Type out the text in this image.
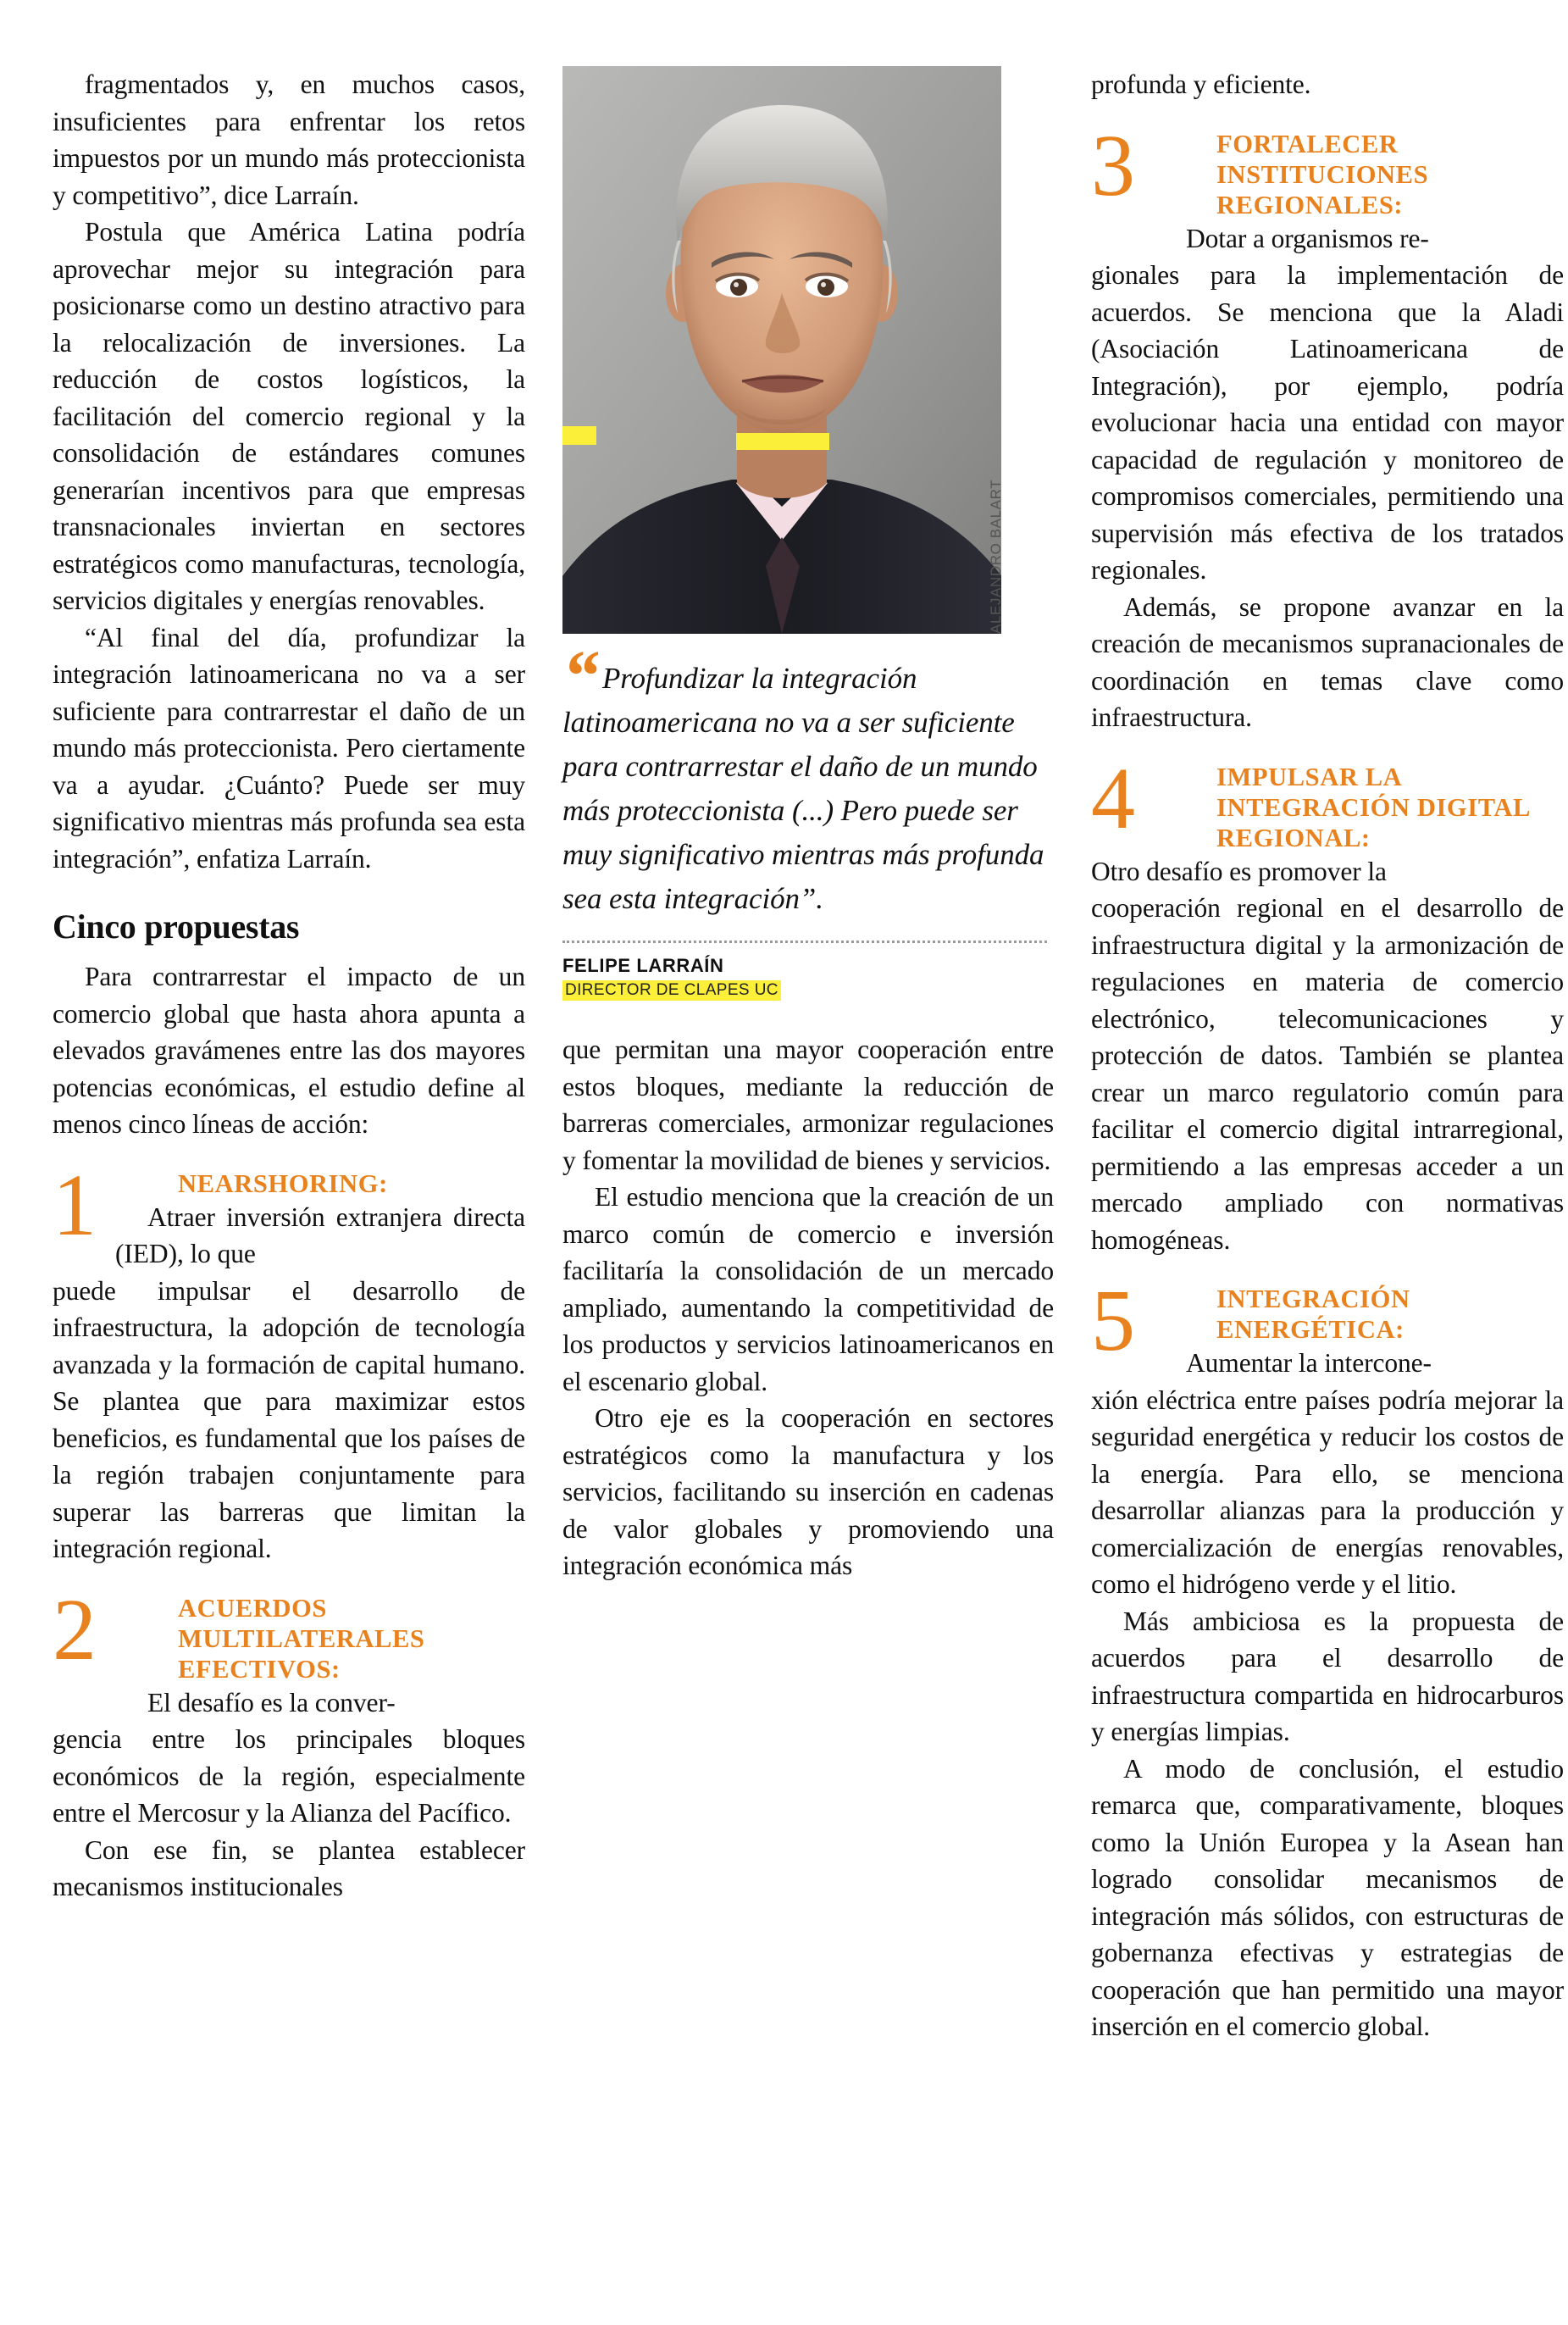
fragmentados y, en muchos casos, insuficientes para enfrentar los retos impuestos por un mundo más proteccionista y competitivo”, dice Larraín.

Postula que América Latina podría aprovechar mejor su integración para posicionarse como un destino atractivo para la relocalización de inversiones. La reducción de costos logísticos, la facilitación del comercio regional y la consolidación de estándares comunes generarían incentivos para que empresas transnacionales inviertan en sectores estratégicos como manufacturas, tecnología, servicios digitales y energías renovables.

“Al final del día, profundizar la integración latinoamericana no va a ser suficiente para contrarrestar el daño de un mundo más proteccionista. Pero ciertamente va a ayudar. ¿Cuánto? Puede ser muy significativo mientras más profunda sea esta integración”, enfatiza Larraín.

Cinco propuestas

Para contrarrestar el impacto de un comercio global que hasta ahora apunta a elevados gravámenes entre las dos mayores potencias económicas, el estudio define al menos cinco líneas de acción:

1	NEARSHORING:

Atraer inversión extranjera directa (IED), lo que

puede impulsar el desarrollo de infraestructura, la adopción de tecnología avanzada y la formación de capital humano. Se plantea que para maximizar estos beneficios, es fundamental que los países de la región trabajen conjuntamente para superar las barreras que limitan la integración regional.

2	ACUERDOS MULTILATERALES EFECTIVOS:

El desafío es la conver-

gencia entre los principales bloques económicos de la región, especialmente entre el Mercosur y la Alianza del Pacífico.

Con ese fin, se plantea establecer mecanismos institucionales

ALEJANDRO BALART

“ Profundizar la integración latinoamericana no va a ser suficiente para contrarrestar el daño de un mundo más proteccionista (...) Pero puede ser muy significativo mientras más profunda sea esta integración”.

FELIPE LARRAÍN
DIRECTOR DE CLAPES UC

que permitan una mayor cooperación entre estos bloques, mediante la reducción de barreras comerciales, armonizar regulaciones y fomentar la movilidad de bienes y servicios.

El estudio menciona que la creación de un marco común de comercio e inversión facilitaría la consolidación de un mercado ampliado, aumentando la competitividad de los productos y servicios latinoamericanos en el escenario global.

Otro eje es la cooperación en sectores estratégicos como la manufactura y los servicios, facilitando su inserción en cadenas de valor globales y promoviendo una integración económica más

profunda y eficiente.

3	FORTALECER INSTITUCIONES REGIONALES:

Dotar a organismos re-

gionales para la implementación de acuerdos. Se menciona que la Aladi (Asociación Latinoamericana de Integración), por ejemplo, podría evolucionar hacia una entidad con mayor capacidad de regulación y monitoreo de compromisos comerciales, permitiendo una supervisión más efectiva de los tratados regionales.

Además, se propone avanzar en la creación de mecanismos supranacionales de coordinación en temas clave como infraestructura.

4	IMPULSAR LA INTEGRACIÓN DIGITAL REGIONAL:

Otro desafío es promover la

cooperación regional en el desarrollo de infraestructura digital y la armonización de regulaciones en materia de comercio electrónico, telecomunicaciones y protección de datos. También se plantea crear un marco regulatorio común para facilitar el comercio digital intrarregional, permitiendo a las empresas acceder a un mercado ampliado con normativas homogéneas.

5	INTEGRACIÓN ENERGÉTICA:

Aumentar la intercone-

xión eléctrica entre países podría mejorar la seguridad energética y reducir los costos de la energía. Para ello, se menciona desarrollar alianzas para la producción y comercialización de energías renovables, como el hidrógeno verde y el litio.

Más ambiciosa es la propuesta de acuerdos para el desarrollo de infraestructura compartida en hidrocarburos y energías limpias.

A modo de conclusión, el estudio remarca que, comparativamente, bloques como la Unión Europea y la Asean han logrado consolidar mecanismos de integración más sólidos, con estructuras de gobernanza efectivas y estrategias de cooperación que han permitido una mayor inserción en el comercio global.
